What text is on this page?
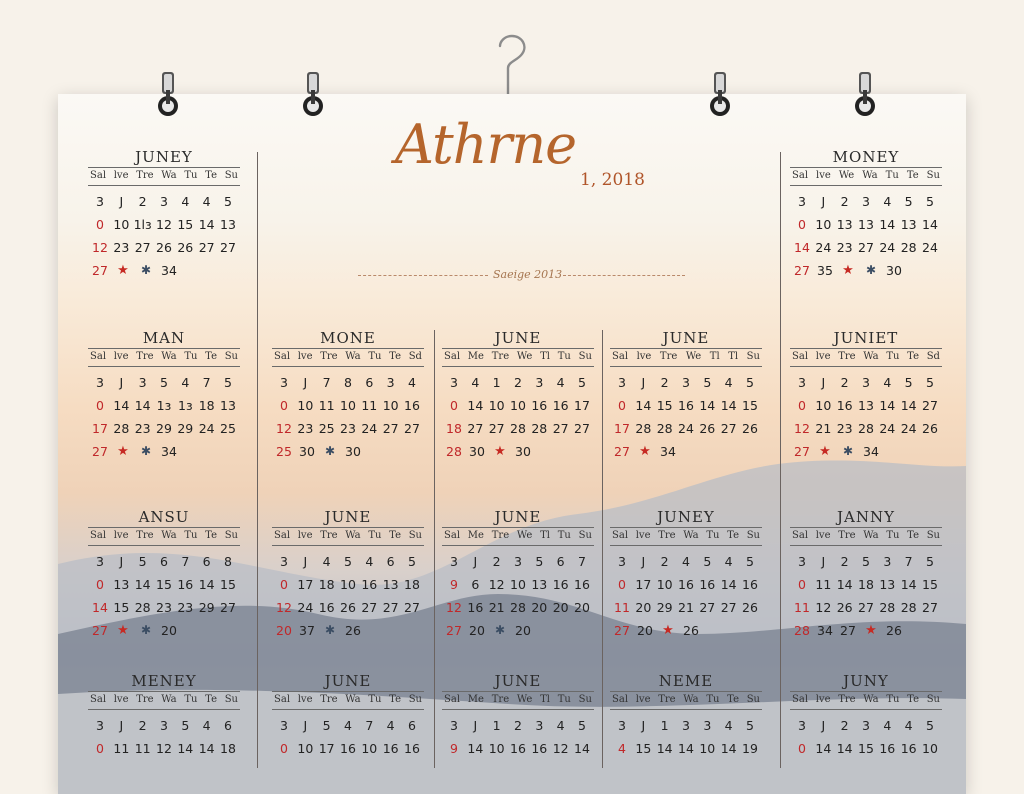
Athrne
1, 2018
Saeige 2013
JUNEY
Sal lve Tre Wa Tu Te Su
3	J	2	3	4	4	5
0 10 1lɜ 12 15 14 13
12 23 27 26 26 27 27
27 ★	✱ 34
MONEY
Sal lve We Wa Tu Te Su
3	J	2	3	4	5	5
0 10 13 13 14 13 14
14 24 23 27 24 28 24
27 35 ★	✱ 30
MAN
Sal lve Tre Wa Tu Te Su
3	J	3	5	4	7	5
0 14 14 1ɜ 1ɜ 18 13
17 28 23 29 29 24 25
27 ★	✱ 34
MONE
Sal lve Tre Wa Tu Te Sd
3	J	7	8	6	3	4
0 10 11 10 11 10 16
12 23 25 23 24 27 27
25 30 ✱ 30
JUNE
Sal Me Tre We Tl Tu Su
3	4	1	2	3	4	5
0 14 10 10 16 16 17
18 27 27 28 28 27 27
28 30 ★ 30
JUNE
Sal lve Tre We Tl Tl Su
3	J	2	3	5	4	5
0 14 15 16 14 14 15
17 28 28 24 26 27 26
27 ★ 34
JUNIET
Sal lve Tre Wa Tu Te Sd
3	J	2	3	4	5	5
0 10 16 13 14 14 27
12 21 23 28 24 24 26
27 ★	✱ 34
ANSU
Sal lve Tre Wa Tu Te Su
3	J	5	6	7	6	8
0 13 14 15 16 14 15
14 15 28 23 23 29 27
27 ★	✱ 20
JUNE
Sal lve Tre Wa Tu Te Su
3	J	4	5	4	6	5
0 17 18 10 16 13 18
12 24 16 26 27 27 27
20 37 ✱ 26
JUNE
Sal Me Tre We Tl Tu Su
3	J	2	3	5	6	7
9	6 12 10 13 16 16
12 16 21 28 20 20 20
27 20 ✱ 20
JUNEY
Sal lve Tre Wa Tu Te Su
3	J	2	4	5	4	5
0 17 10 16 16 14 16
11 20 29 21 27 27 26
27 20 ★ 26
JANNY
Sal lve Tre Wa Tu Te Su
3	J	2	5	3	7	5
0 11 14 18 13 14 15
11 12 26 27 28 28 27
28 34 27 ★ 26
MENEY
Sal lve Tre Wa Tu Te Su
3	J	2	3	5	4	6
0 11 11 12 14 14 18
JUNE
Sal lve Tre Wa Tu Te Su
3	J	5	4	7	4	6
0 10 17 16 10 16 16
JUNE
Sal Me Tre We Tl Tu Su
3	J	1	2	3	4	5
9 14 10 16 16 12 14
NEME
Sal lve Tre Wa Tu Te Su
3	J	1	3	3	4	5
4 15 14 14 10 14 19
JUNY
Sal lve Tre Wa Tu Te Su
3	J	2	3	4	4	5
0 14 14 15 16 16 10
